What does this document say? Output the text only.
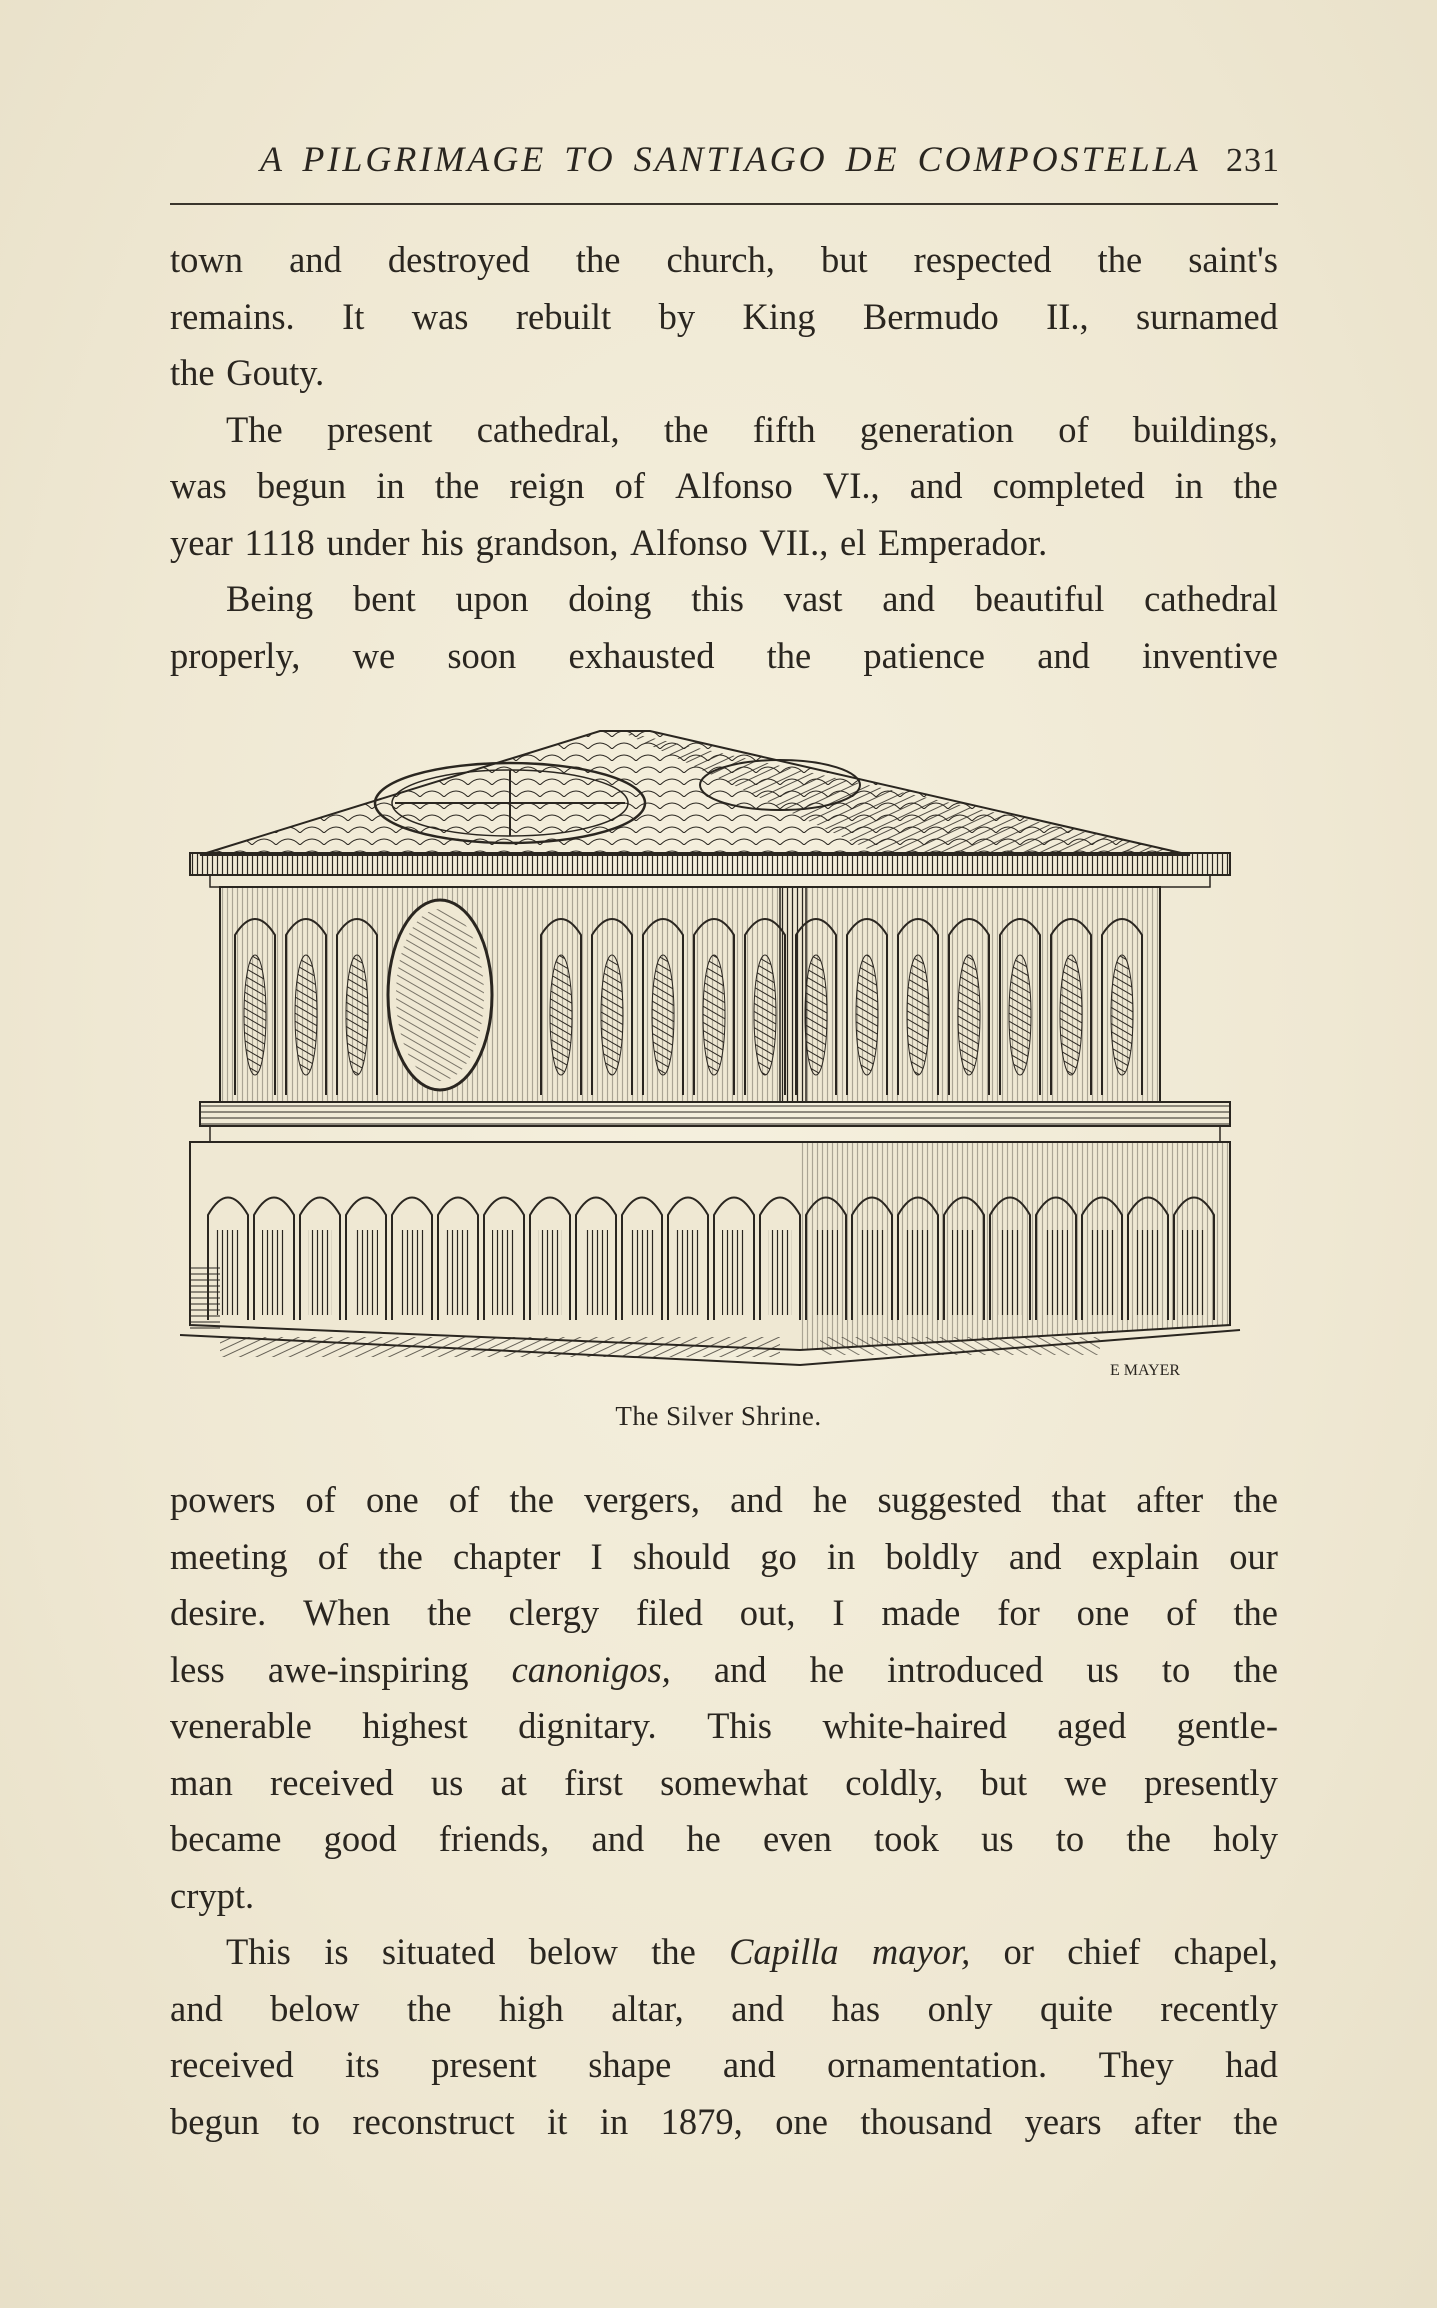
A PILGRIMAGE TO SANTIAGO DE COMPOSTELLA 231
town and destroyed the church, but respected the saint's
remains. It was rebuilt by King Bermudo II., surnamed
the Gouty.
The present cathedral, the fifth generation of buildings,
was begun in the reign of Alfonso VI., and completed in the
year 1118 under his grandson, Alfonso VII., el Emperador.
Being bent upon doing this vast and beautiful cathedral
properly, we soon exhausted the patience and inventive
E MAYER
The Silver Shrine.
powers of one of the vergers, and he suggested that after the
meeting of the chapter I should go in boldly and explain our
desire. When the clergy filed out, I made for one of the
less awe-inspiring canonigos, and he introduced us to the
venerable highest dignitary. This white-haired aged gentle-
man received us at first somewhat coldly, but we presently
became good friends, and he even took us to the holy
crypt.
This is situated below the Capilla mayor, or chief chapel,
and below the high altar, and has only quite recently
received its present shape and ornamentation. They had
begun to reconstruct it in 1879, one thousand years after the
